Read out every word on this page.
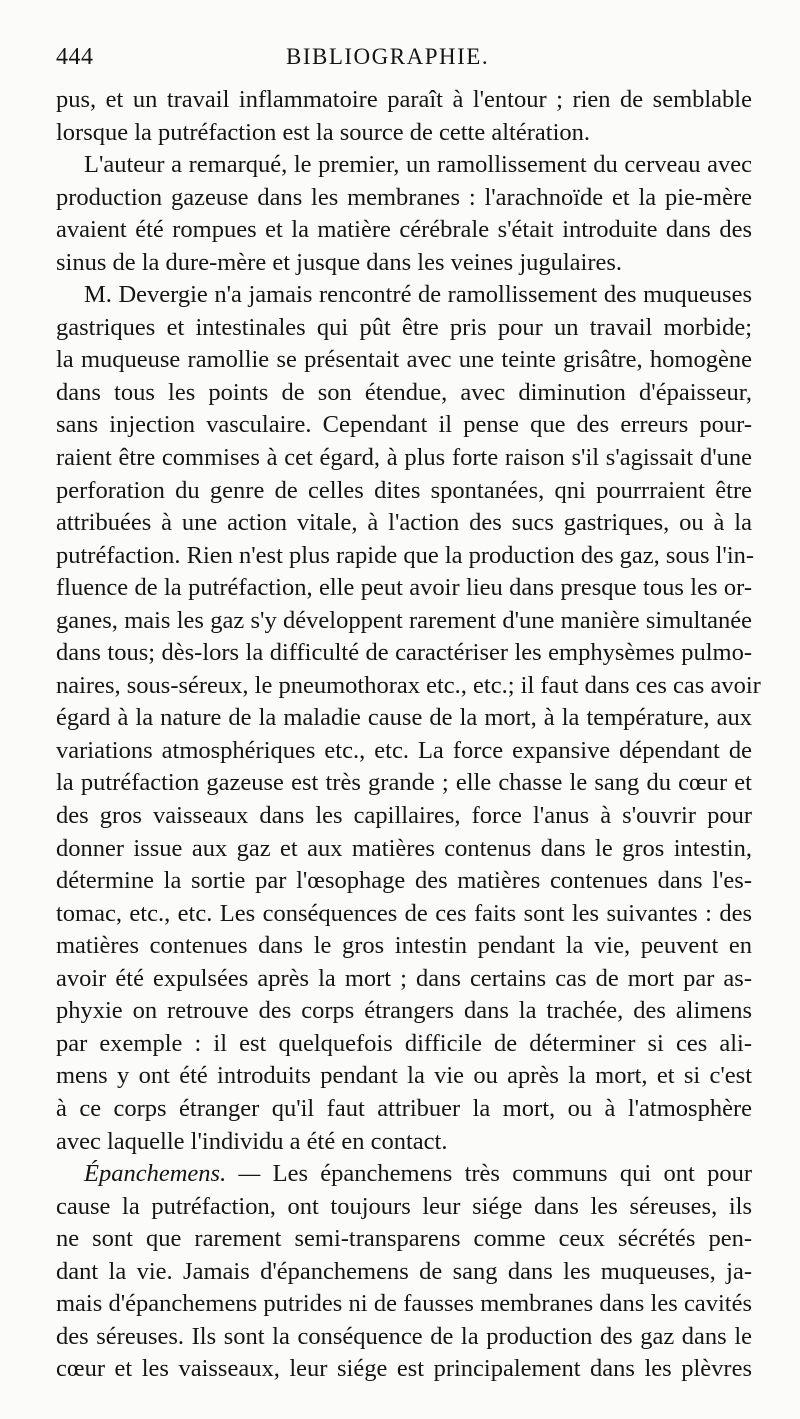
444	BIBLIOGRAPHIE.
pus, et un travail inflammatoire paraît à l'entour ; rien de semblable
lorsque la putréfaction est la source de cette altération.
L'auteur a remarqué, le premier, un ramollissement du cerveau avec
production gazeuse dans les membranes : l'arachnoïde et la pie-mère
avaient été rompues et la matière cérébrale s'était introduite dans des
sinus de la dure-mère et jusque dans les veines jugulaires.
M. Devergie n'a jamais rencontré de ramollissement des muqueuses
gastriques et intestinales qui pût être pris pour un travail morbide;
la muqueuse ramollie se présentait avec une teinte grisâtre, homogène
dans tous les points de son étendue, avec diminution d'épaisseur,
sans injection vasculaire. Cependant il pense que des erreurs pour-
raient être commises à cet égard, à plus forte raison s'il s'agissait d'une
perforation du genre de celles dites spontanées, qni pourrraient être
attribuées à une action vitale, à l'action des sucs gastriques, ou à la
putréfaction. Rien n'est plus rapide que la production des gaz, sous l'in-
fluence de la putréfaction, elle peut avoir lieu dans presque tous les or-
ganes, mais les gaz s'y développent rarement d'une manière simultanée
dans tous; dès-lors la difficulté de caractériser les emphysèmes pulmo-
naires, sous-séreux, le pneumothorax etc., etc.; il faut dans ces cas avoir
égard à la nature de la maladie cause de la mort, à la température, aux
variations atmosphériques etc., etc. La force expansive dépendant de
la putréfaction gazeuse est très grande ; elle chasse le sang du cœur et
des gros vaisseaux dans les capillaires, force l'anus à s'ouvrir pour
donner issue aux gaz et aux matières contenus dans le gros intestin,
détermine la sortie par l'œsophage des matières contenues dans l'es-
tomac, etc., etc. Les conséquences de ces faits sont les suivantes : des
matières contenues dans le gros intestin pendant la vie, peuvent en
avoir été expulsées après la mort ; dans certains cas de mort par as-
phyxie on retrouve des corps étrangers dans la trachée, des alimens
par exemple : il est quelquefois difficile de déterminer si ces ali-
mens y ont été introduits pendant la vie ou après la mort, et si c'est
à ce corps étranger qu'il faut attribuer la mort, ou à l'atmosphère
avec laquelle l'individu a été en contact.
Épanchemens. — Les épanchemens très communs qui ont pour
cause la putréfaction, ont toujours leur siége dans les séreuses, ils
ne sont que rarement semi-transparens comme ceux sécrétés pen-
dant la vie. Jamais d'épanchemens de sang dans les muqueuses, ja-
mais d'épanchemens putrides ni de fausses membranes dans les cavités
des séreuses. Ils sont la conséquence de la production des gaz dans le
cœur et les vaisseaux, leur siége est principalement dans les plèvres
